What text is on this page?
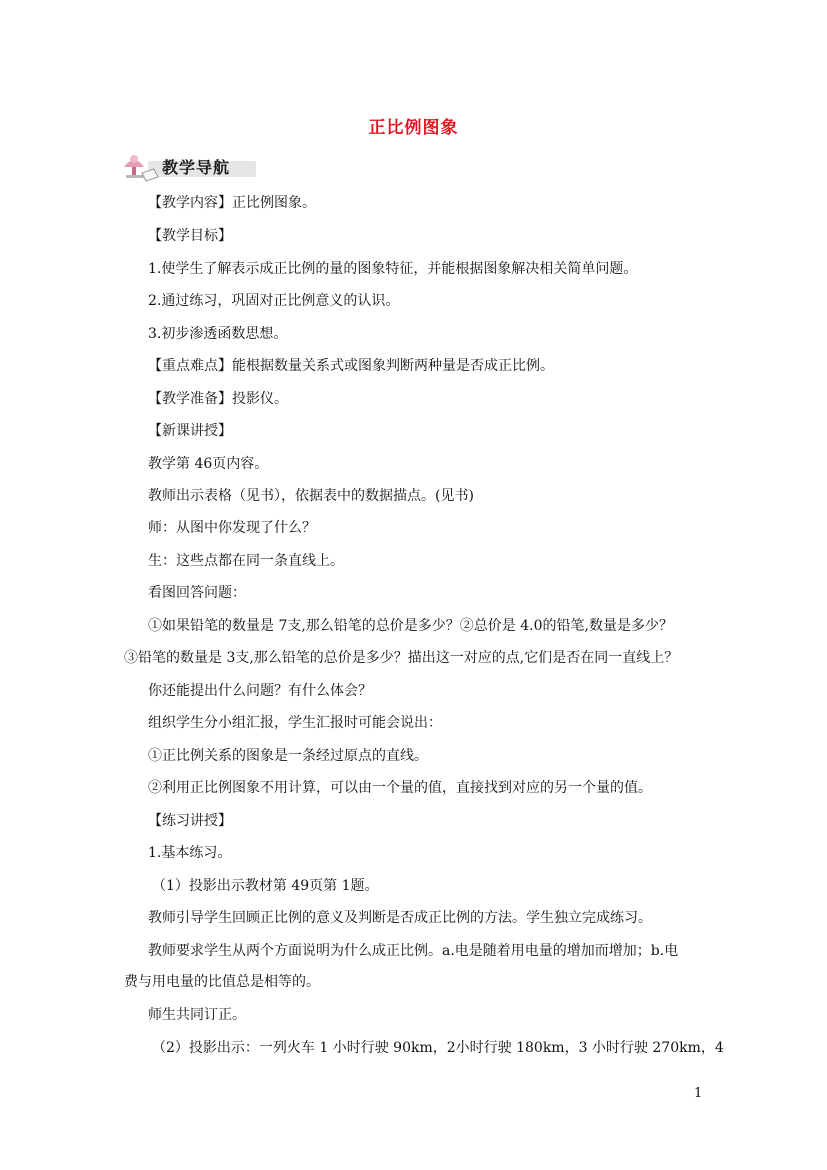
正比例图象
教学导航
【教学内容】正比例图象。
【教学目标】
1.使学生了解表示成正比例的量的图象特征，并能根据图象解决相关简单问题。
2.通过练习，巩固对正比例意义的认识。
3.初步渗透函数思想。
【重点难点】能根据数量关系式或图象判断两种量是否成正比例。
【教学准备】投影仪。
【新课讲授】
教学第 46页内容。
教师出示表格（见书），依据表中的数据描点。(见书)
师：从图中你发现了什么？
生：这些点都在同一条直线上。
看图回答问题：
①如果铅笔的数量是 7支,那么铅笔的总价是多少？②总价是 4.0的铅笔,数量是多少？
③铅笔的数量是 3支,那么铅笔的总价是多少？描出这一对应的点,它们是否在同一直线上？
你还能提出什么问题？有什么体会？
组织学生分小组汇报，学生汇报时可能会说出：
①正比例关系的图象是一条经过原点的直线。
②利用正比例图象不用计算，可以由一个量的值，直接找到对应的另一个量的值。
【练习讲授】
1.基本练习。
（1）投影出示教材第 49页第 1题。
教师引导学生回顾正比例的意义及判断是否成正比例的方法。学生独立完成练习。
教师要求学生从两个方面说明为什么成正比例。a.电是随着用电量的增加而增加；b.电
费与用电量的比值总是相等的。
师生共同订正。
（2）投影出示：一列火车 1 小时行驶 90km，2小时行驶 180km，3 小时行驶 270km，4
1
